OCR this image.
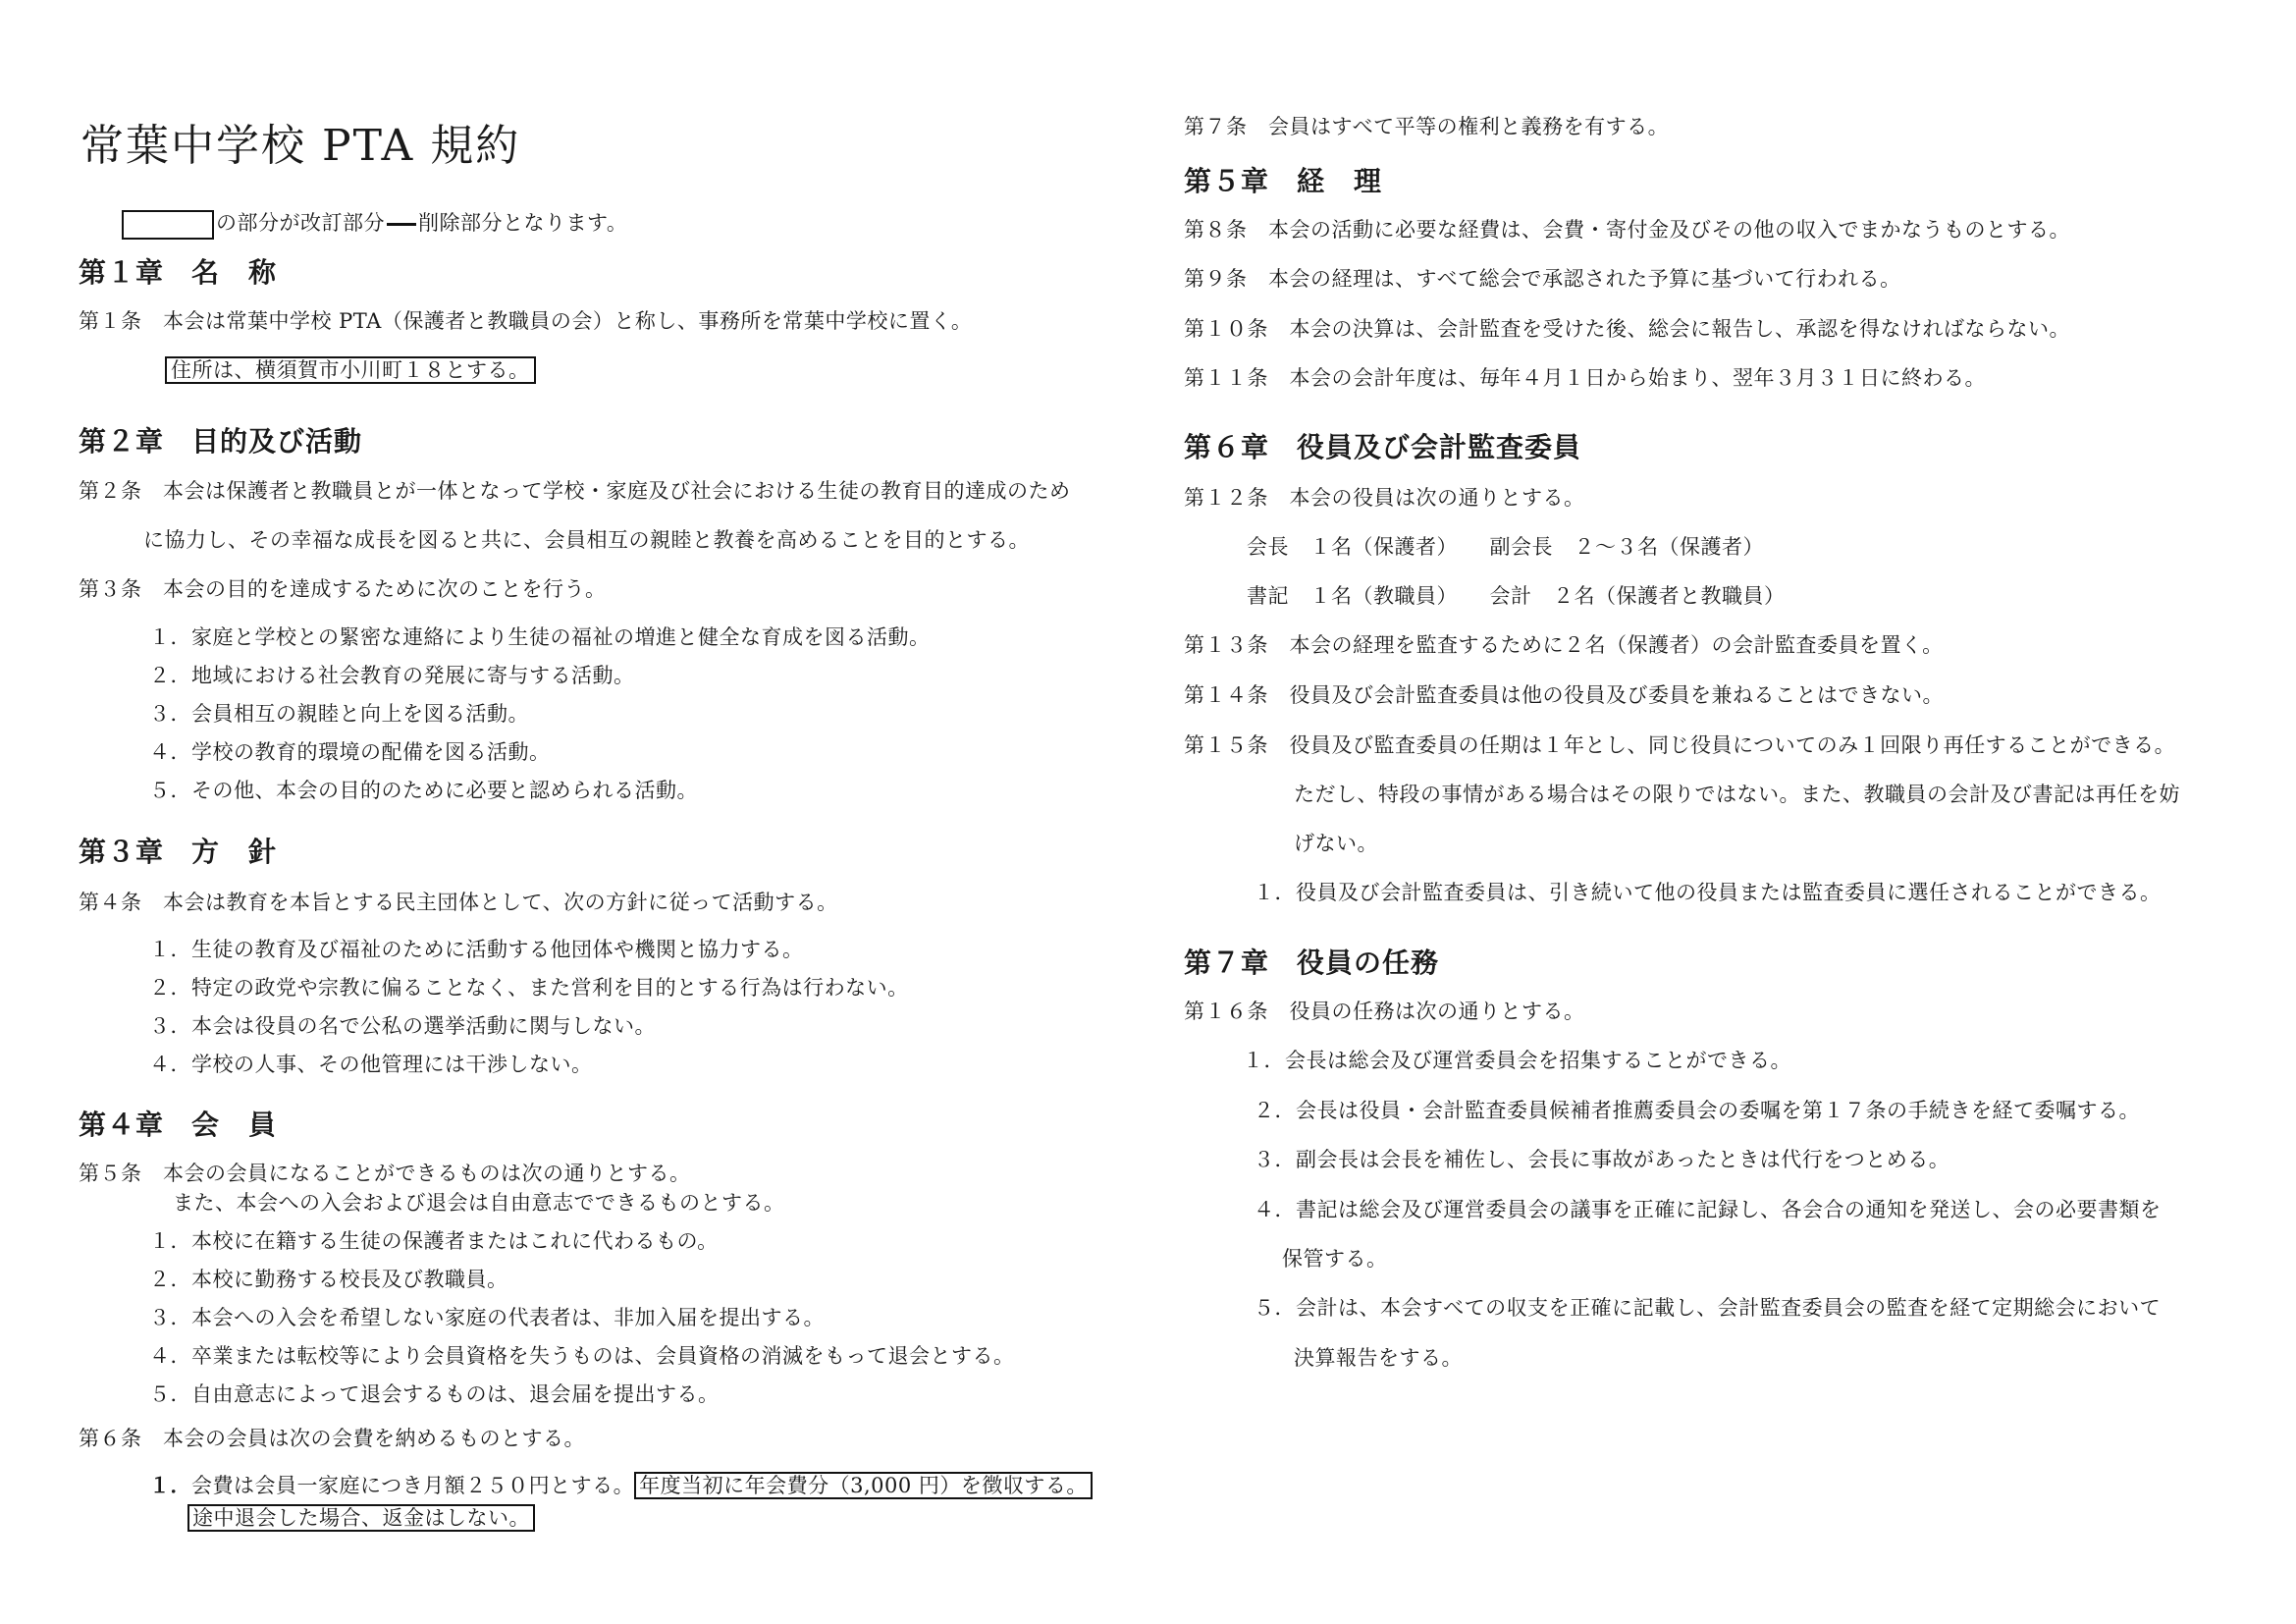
常葉中学校 PTA 規約
の部分が改訂部分 削除部分となります。
第１章 名　称
第１条　本会は常葉中学校 PTA（保護者と教職員の会）と称し、事務所を常葉中学校に置く。
住所は、横須賀市小川町１８とする。
第２章 目的及び活動
第２条　本会は保護者と教職員とが一体となって学校・家庭及び社会における生徒の教育目的達成のため
に協力し、その幸福な成長を図ると共に、会員相互の親睦と教養を高めることを目的とする。
第３条　本会の目的を達成するために次のことを行う。
１．家庭と学校との緊密な連絡により生徒の福祉の増進と健全な育成を図る活動。
２．地域における社会教育の発展に寄与する活動。
３．会員相互の親睦と向上を図る活動。
４．学校の教育的環境の配備を図る活動。
５．その他、本会の目的のために必要と認められる活動。
第３章 方　針
第４条　本会は教育を本旨とする民主団体として、次の方針に従って活動する。
１．生徒の教育及び福祉のために活動する他団体や機関と協力する。
２．特定の政党や宗教に偏ることなく、また営利を目的とする行為は行わない。
３．本会は役員の名で公私の選挙活動に関与しない。
４．学校の人事、その他管理には干渉しない。
第４章 会　員
第５条　本会の会員になることができるものは次の通りとする。
また、本会への入会および退会は自由意志でできるものとする。
１．本校に在籍する生徒の保護者またはこれに代わるもの。
２．本校に勤務する校長及び教職員。
３．本会への入会を希望しない家庭の代表者は、非加入届を提出する。
４．卒業または転校等により会員資格を失うものは、会員資格の消滅をもって退会とする。
５．自由意志によって退会するものは、退会届を提出する。
第６条　本会の会員は次の会費を納めるものとする。
１．会費は会員一家庭につき月額２５０円とする。 年度当初に年会費分（3,000 円）を徴収する。
途中退会した場合、返金はしない。
第７条　会員はすべて平等の権利と義務を有する。
第５章 経　理
第８条　本会の活動に必要な経費は、会費・寄付金及びその他の収入でまかなうものとする。
第９条　本会の経理は、すべて総会で承認された予算に基づいて行われる。
第１０条　本会の決算は、会計監査を受けた後、総会に報告し、承認を得なければならない。
第１１条　本会の会計年度は、毎年４月１日から始まり、翌年３月３１日に終わる。
第６章 役員及び会計監査委員
第１２条　本会の役員は次の通りとする。
会長　１名（保護者）　　副会長　２～３名（保護者）
書記　１名（教職員）　　会計　２名（保護者と教職員）
第１３条　本会の経理を監査するために２名（保護者）の会計監査委員を置く。
第１４条　役員及び会計監査委員は他の役員及び委員を兼ねることはできない。
第１５条　役員及び監査委員の任期は１年とし、同じ役員についてのみ１回限り再任することができる。
ただし、特段の事情がある場合はその限りではない。また、教職員の会計及び書記は再任を妨
げない。
１．役員及び会計監査委員は、引き続いて他の役員または監査委員に選任されることができる。
第７章 役員の任務
第１６条　役員の任務は次の通りとする。
１．会長は総会及び運営委員会を招集することができる。
２．会長は役員・会計監査委員候補者推薦委員会の委嘱を第１７条の手続きを経て委嘱する。
３．副会長は会長を補佐し、会長に事故があったときは代行をつとめる。
４．書記は総会及び運営委員会の議事を正確に記録し、各会合の通知を発送し、会の必要書類を
保管する。
５．会計は、本会すべての収支を正確に記載し、会計監査委員会の監査を経て定期総会において
決算報告をする。
